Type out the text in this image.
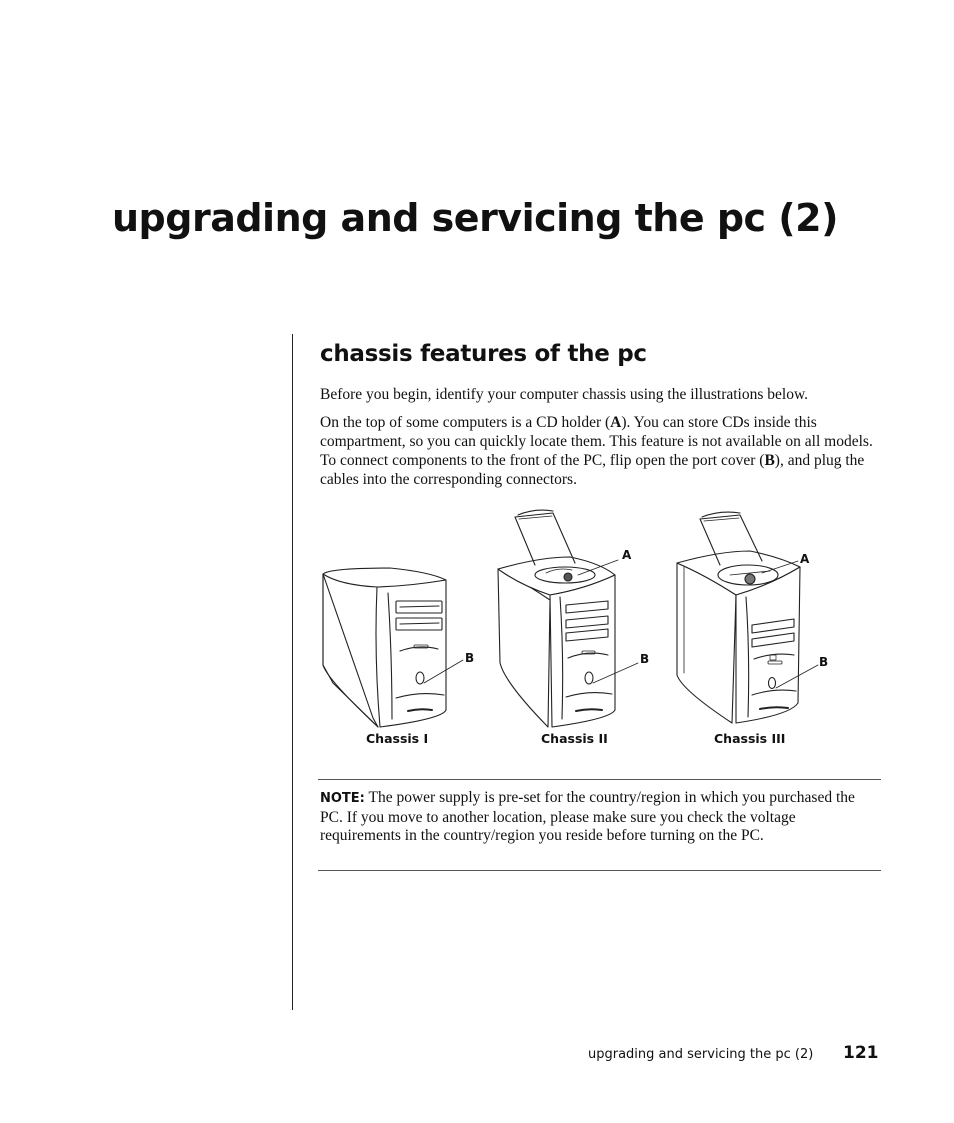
upgrading and servicing the pc (2)
chassis features of the pc

Before you begin, identify your computer chassis using the illustrations below.

On the top of some computers is a CD holder (A). You can store CDs inside this compartment, so you can quickly locate them. This feature is not available on all models. To connect components to the front of the PC, flip open the port cover (B), and plug the cables into the corresponding connectors.

B
Chassis I
A
B
Chassis II
A
B
Chassis III

NOTE: The power supply is pre-set for the country/region in which you purchased the PC. If you move to another location, please make sure you check the voltage requirements in the country/region you reside before turning on the PC.

upgrading and servicing the pc (2) 121
